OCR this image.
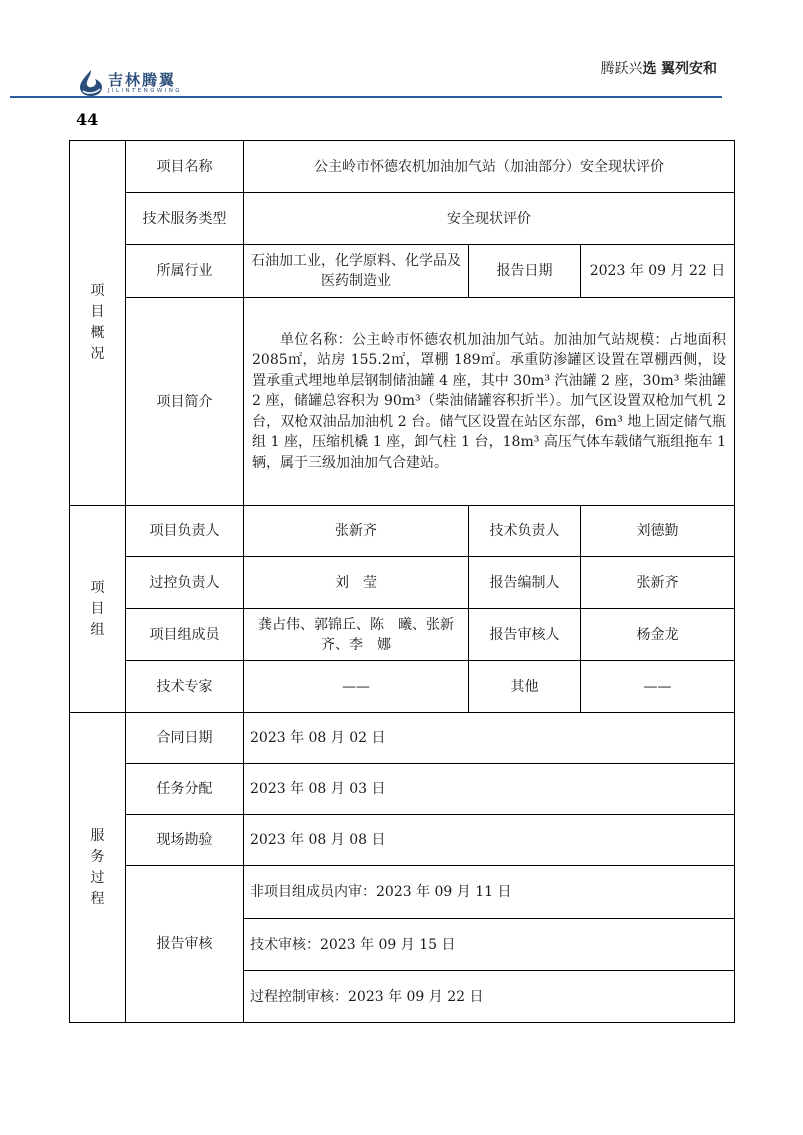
吉林腾翼
JILINTENGWING
腾跃兴选 翼列安和
44
项目概况	项目名称	公主岭市怀德农机加油加气站（加油部分）安全现状评价		
	技术服务类型	安全现状评价		
	所属行业	石油加工业，化学原料、化学品及医药制造业	报告日期	2023 年 09 月 22 日
	项目简介	单位名称：公主岭市怀德农机加油加气站。加油加气站规模：占地面积 2085㎡，站房 155.2㎡，罩棚 189㎡。承重防渗罐区设置在罩棚西侧，设置承重式埋地单层钢制储油罐 4 座，其中 30m³ 汽油罐 2 座，30m³ 柴油罐 2 座，储罐总容积为 90m³（柴油储罐容积折半）。加气区设置双枪加气机 2 台，双枪双油品加油机 2 台。储气区设置在站区东部，6m³ 地上固定储气瓶组 1 座，压缩机橇 1 座，卸气柱 1 台，18m³ 高压气体车载储气瓶组拖车 1 辆，属于三级加油加气合建站。		

项目组	项目负责人	张新齐	技术负责人	刘德勤
	过控负责人	刘　莹	报告编制人	张新齐
	项目组成员	龚占伟、郭锦丘、陈　曦、张新齐、李　娜	报告审核人	杨金龙
	技术专家	——	其他	——

服务过程	合同日期	2023 年 08 月 02 日		
	任务分配	2023 年 08 月 03 日		
	现场勘验	2023 年 08 月 08 日		
	报告审核	非项目组成员内审：2023 年 09 月 11 日		
		技术审核：2023 年 09 月 15 日		
		过程控制审核：2023 年 09 月 22 日		
